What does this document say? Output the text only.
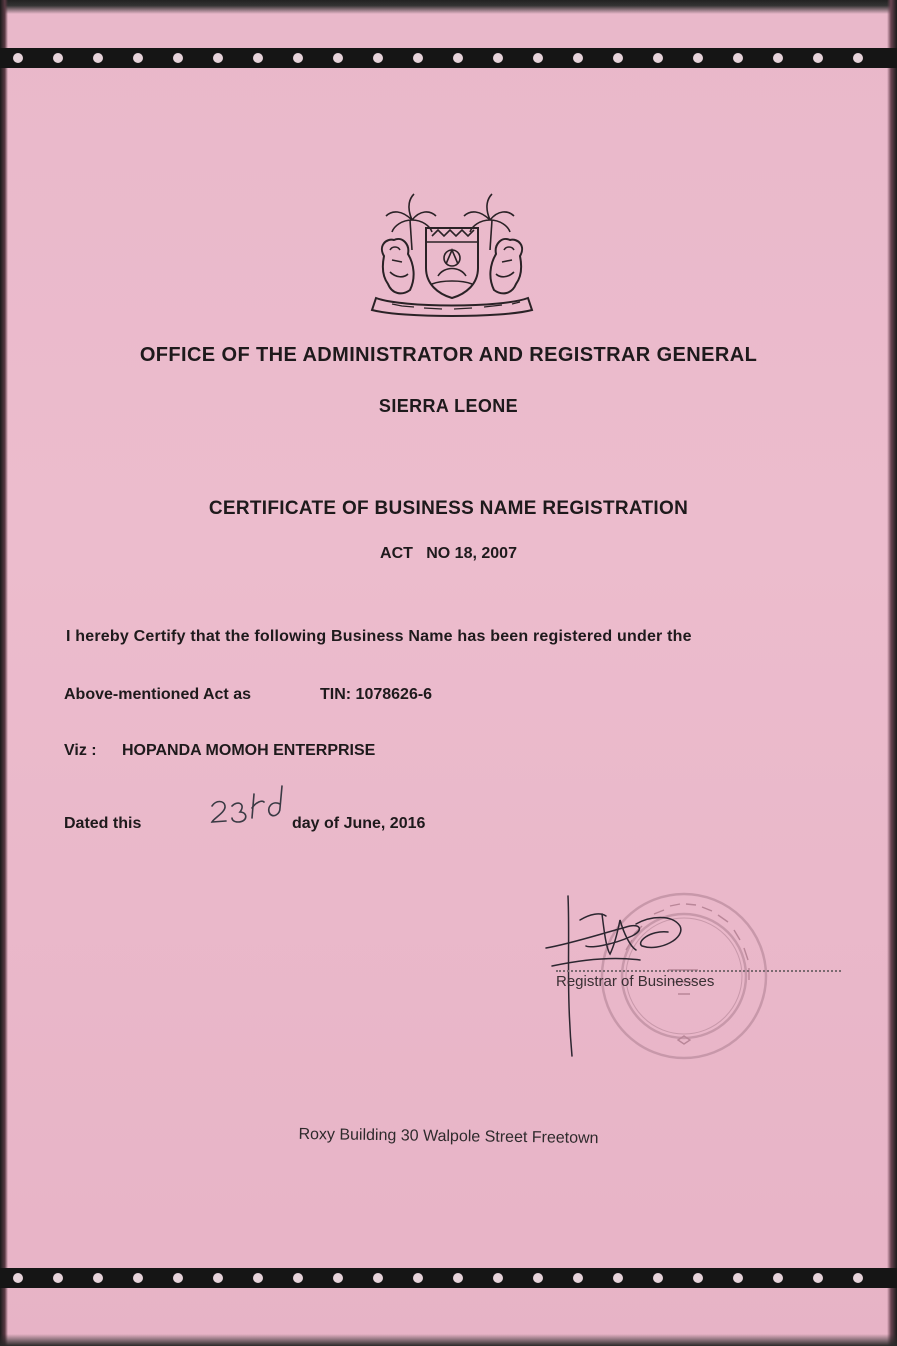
OFFICE OF THE ADMINISTRATOR AND REGISTRAR GENERAL

SIERRA LEONE

CERTIFICATE OF BUSINESS NAME REGISTRATION

ACT   NO 18, 2007

I hereby Certify that the following Business Name has been registered under the

Above-mentioned Act as	TIN: 1078626-6

Viz : HOPANDA MOMOH ENTERPRISE

Dated this	day of June, 2016

Registrar of Businesses

Roxy Building 30 Walpole Street Freetown
